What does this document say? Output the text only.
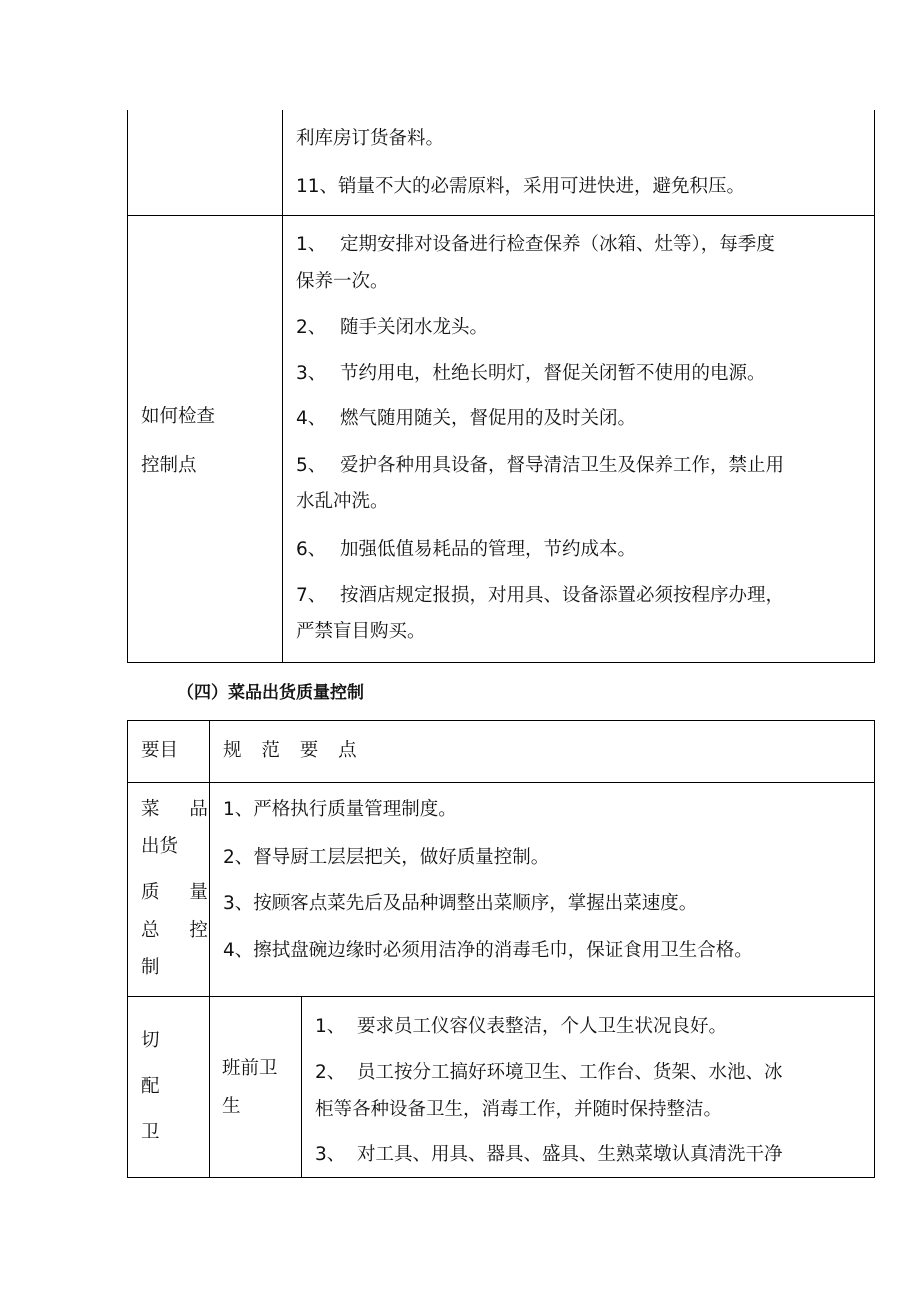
利库房订货备料。
11、销量不大的必需原料，采用可进快进，避免积压。
如何检查
控制点
1、 定期安排对设备进行检查保养（冰箱、灶等），每季度
保养一次。
2、 随手关闭水龙头。
3、 节约用电，杜绝长明灯，督促关闭暂不使用的电源。
4、 燃气随用随关，督促用的及时关闭。
5、 爱护各种用具设备，督导清洁卫生及保养工作，禁止用
水乱冲洗。
6、 加强低值易耗品的管理，节约成本。
7、 按酒店规定报损，对用具、设备添置必须按程序办理，
严禁盲目购买。
（四）菜品出货质量控制
要目 规 范 要 点
菜 品
出货
质 量
总 控
制
1、严格执行质量管理制度。
2、督导厨工层层把关，做好质量控制。
3、按顾客点菜先后及品种调整出菜顺序，掌握出菜速度。
4、擦拭盘碗边缘时必须用洁净的消毒毛巾，保证食用卫生合格。
切
配
卫
班前卫
生
1、 要求员工仪容仪表整洁，个人卫生状况良好。
2、 员工按分工搞好环境卫生、工作台、货架、水池、冰
柜等各种设备卫生，消毒工作，并随时保持整洁。
3、 对工具、用具、器具、盛具、生熟菜墩认真清洗干净
